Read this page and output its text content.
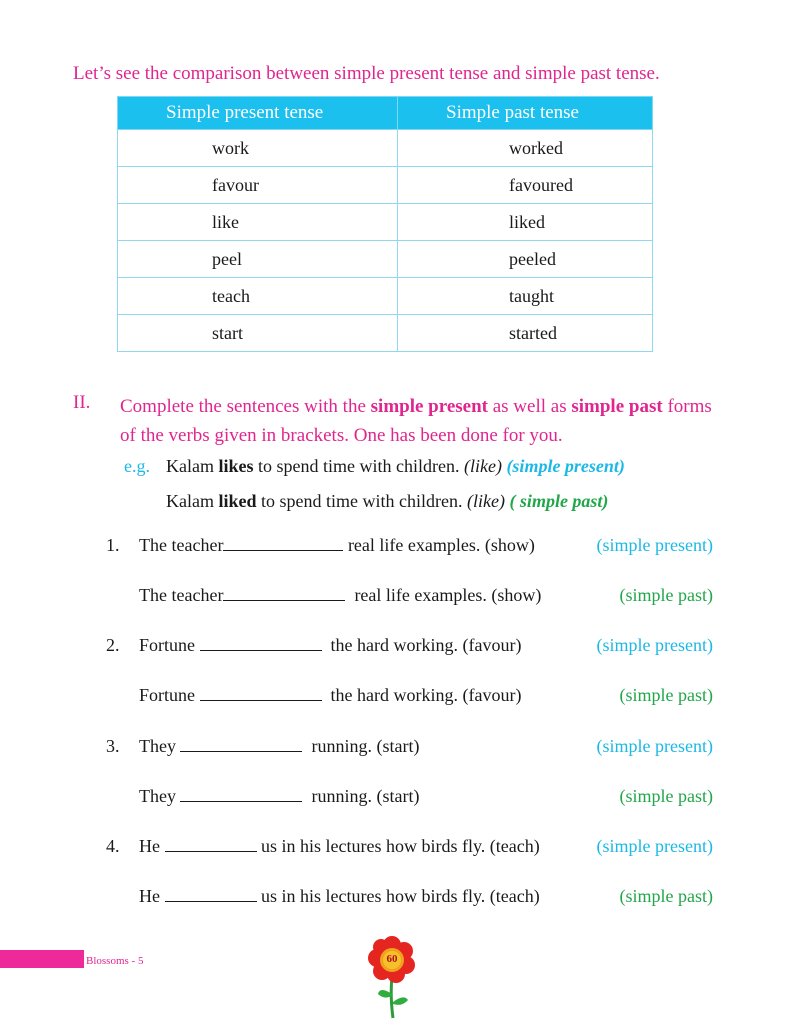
Let’s see the comparison between simple present tense and simple past tense.
Simple present tense	Simple past tense
work	worked
favour	favoured
like	liked
peel	peeled
teach	taught
start	started
II. Complete the sentences with the simple present as well as simple past forms of the verbs given in brackets. One has been done for you.
e.g. Kalam likes to spend time with children. (like) (simple present)
Kalam liked to spend time with children. (like) ( simple past)
1. The teacher	real life examples. (show)	(simple present)
The teacher	real life examples. (show)	(simple past)
2. Fortune	the hard working. (favour)	(simple present)
Fortune	the hard working. (favour)	(simple past)
3. They	running. (start)	(simple present)
They	running. (start)	(simple past)
4. He	us in his lectures how birds fly. (teach)	(simple present)
He	us in his lectures how birds fly. (teach)	(simple past)
Blossoms - 5	60
